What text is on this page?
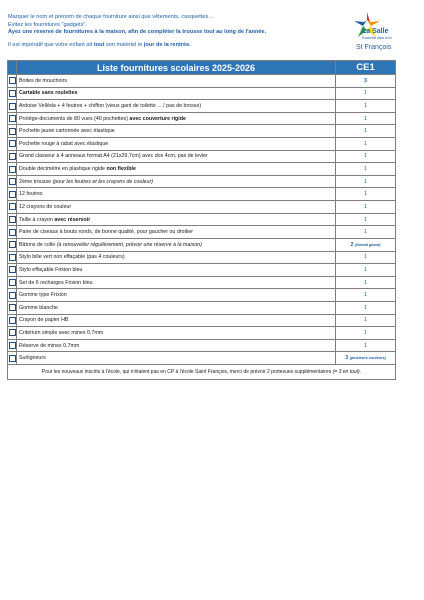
Marquer le nom et prénom de chaque fourniture ainsi que vêtements, casquettes…
Evitez les fournitures "gadgets".
Ayez une réserve de fournitures à la maison, afin de compléter la trousse tout au long de l'année.
Il est impératif que votre enfant ait tout son matériel le jour de la rentrée.
La Salle
Ensemble dans la foi
St François
	Liste fournitures scolaires 2025-2026	CE1

	Boites de mouchoirs	3

	Cartable sans roulettes	1

	Ardoise Velléda + 4 feutres + chiffon (vieux gant de toilette ... / pas de brosse)	1

	Protège-documents de 80 vues (40 pochettes) avec couverture rigide	1

	Pochette jaune cartonnée avec élastique	1

	Pochette rouge à rabat avec élastique	1

	Grand classeur à 4 anneaux format A4 (21x29,7cm) avec dos 4cm, pas de levier	1

	Double décimètre en plastique rigide non flexible	1

	2ème trousse (pour les feutres et les crayons de couleur)	1

	12 feutres	1

	12 crayons de couleur	1

	Taille à crayon avec réservoir	1

	Paire de ciseaux à bouts ronds, de bonne qualité, pour gaucher ou droitier	1

	Bâtons de colle (à renouveller régulièrement, prévoir une réserve à la maison)	2 (format géant)

	Stylo bille vert non effaçable (pas 4 couleurs)	1

	Stylo effaçable Frixion bleu	1

	Set de 6 recharges Frixion bleu	1

	Gomme type Frixion	1

	Gomme blanche	1

	Crayon de papier HB	1

	Critérium simple avec mines 0,7mm	1

	Réserve de mines 0,7mm	1

	Surligneurs	3 (plusieurs couleurs)
Pour les nouveaux inscrits à l'école, qui n'étaient pas en CP à l'école Saint François, merci de prévoir 2 portevues supplémentaires (= 3 en tout).		
